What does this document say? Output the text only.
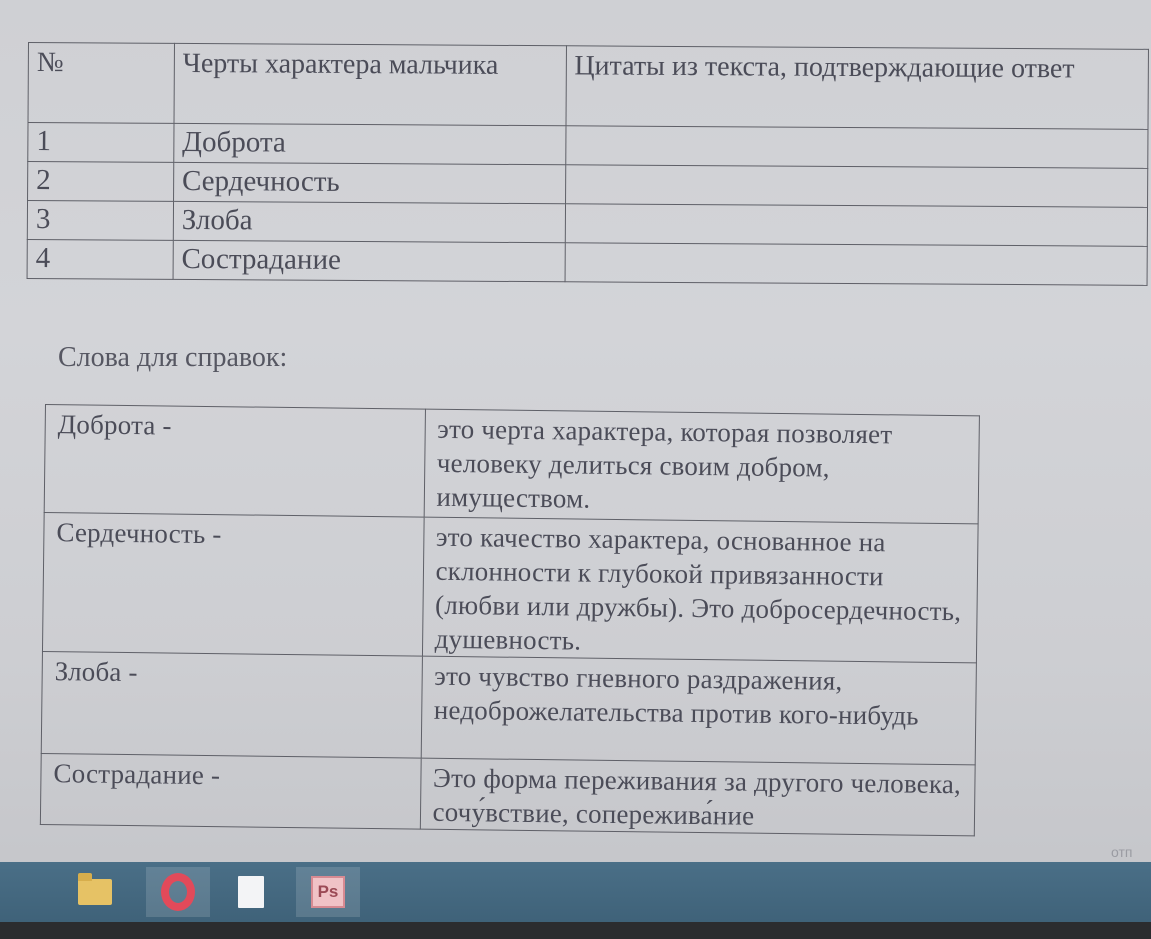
№	Черты характера мальчика	Цитаты из текста, подтверждающие ответ
1	Доброта	
2	Сердечность	
3	Злоба	
4	Сострадание	
Слова для справок:
Доброта -	это черта характера, которая позволяет человеку делиться своим добром, имуществом.
Сердечность -	это качество характера, основанное на склонности к глубокой привязанности (любви или дружбы). Это добросердечность, душевность.
Злоба -	это чувство гневного раздражения, недоброжелательства против кого-нибудь
Сострадание -	Это форма переживания за другого человека, сочу́вствие, сопережива́ние
отп
Ps
